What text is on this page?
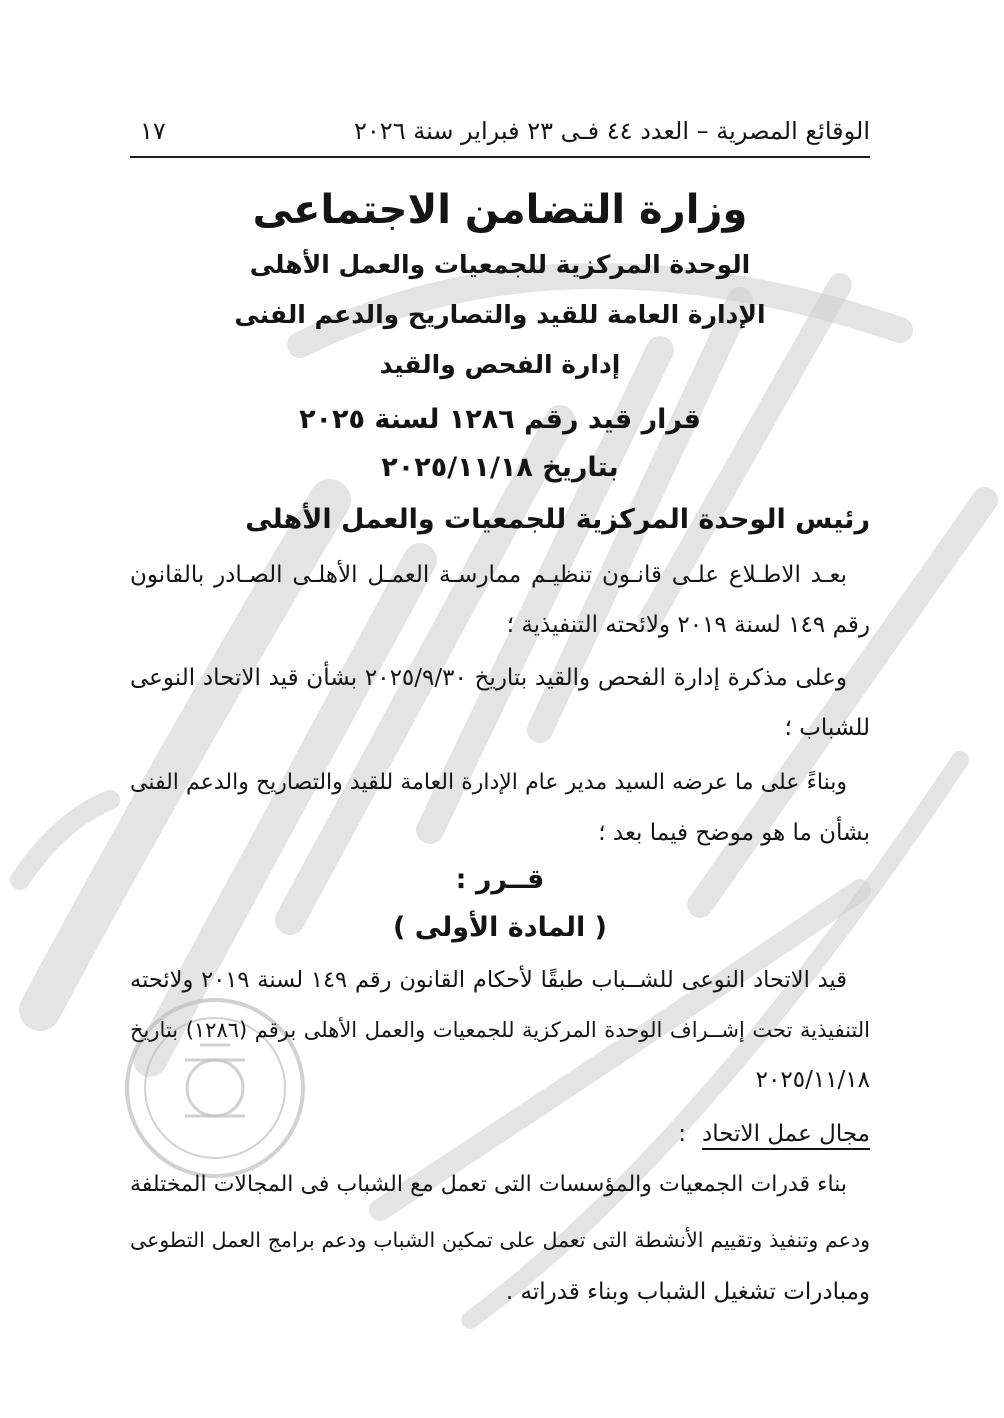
الوقائع المصرية – العدد ٤٤ فـى ٢٣ فبراير سنة ٢٠٢٦
١٧
وزارة التضامن الاجتماعى
الوحدة المركزية للجمعيات والعمل الأهلى
الإدارة العامة للقيد والتصاريح والدعم الفنى
إدارة الفحص والقيد
قرار قيد رقم ١٢٨٦ لسنة ٢٠٢٥
بتاريخ ٢٠٢٥/١١/١٨
رئيس الوحدة المركزية للجمعيات والعمل الأهلى
بعـد الاطـلاع علـى قانـون تنظيـم ممارسـة العمـل الأهلـى الصـادر بالقانون
رقم ١٤٩ لسنة ٢٠١٩ ولائحته التنفيذية ؛
وعلى مذكرة إدارة الفحص والقيد بتاريخ ٢٠٢٥/٩/٣٠ بشأن قيد الاتحاد النوعى
للشباب ؛
وبناءً على ما عرضه السيد مدير عام الإدارة العامة للقيد والتصاريح والدعم الفنى
بشأن ما هو موضح فيما بعد ؛
قــرر :
( المادة الأولى )
قيد الاتحاد النوعى للشــباب طبقًا لأحكام القانون رقم ١٤٩ لسنة ٢٠١٩ ولائحته
التنفيذية تحت إشــراف الوحدة المركزية للجمعيات والعمل الأهلى برقم (١٢٨٦) بتاريخ
٢٠٢٥/١١/١٨
مجال عمل الاتحاد:
بناء قدرات الجمعيات والمؤسسات التى تعمل مع الشباب فى المجالات المختلفة
ودعم وتنفيذ وتقييم الأنشطة التى تعمل على تمكين الشباب ودعم برامج العمل التطوعى
ومبادرات تشغيل الشباب وبناء قدراته .
